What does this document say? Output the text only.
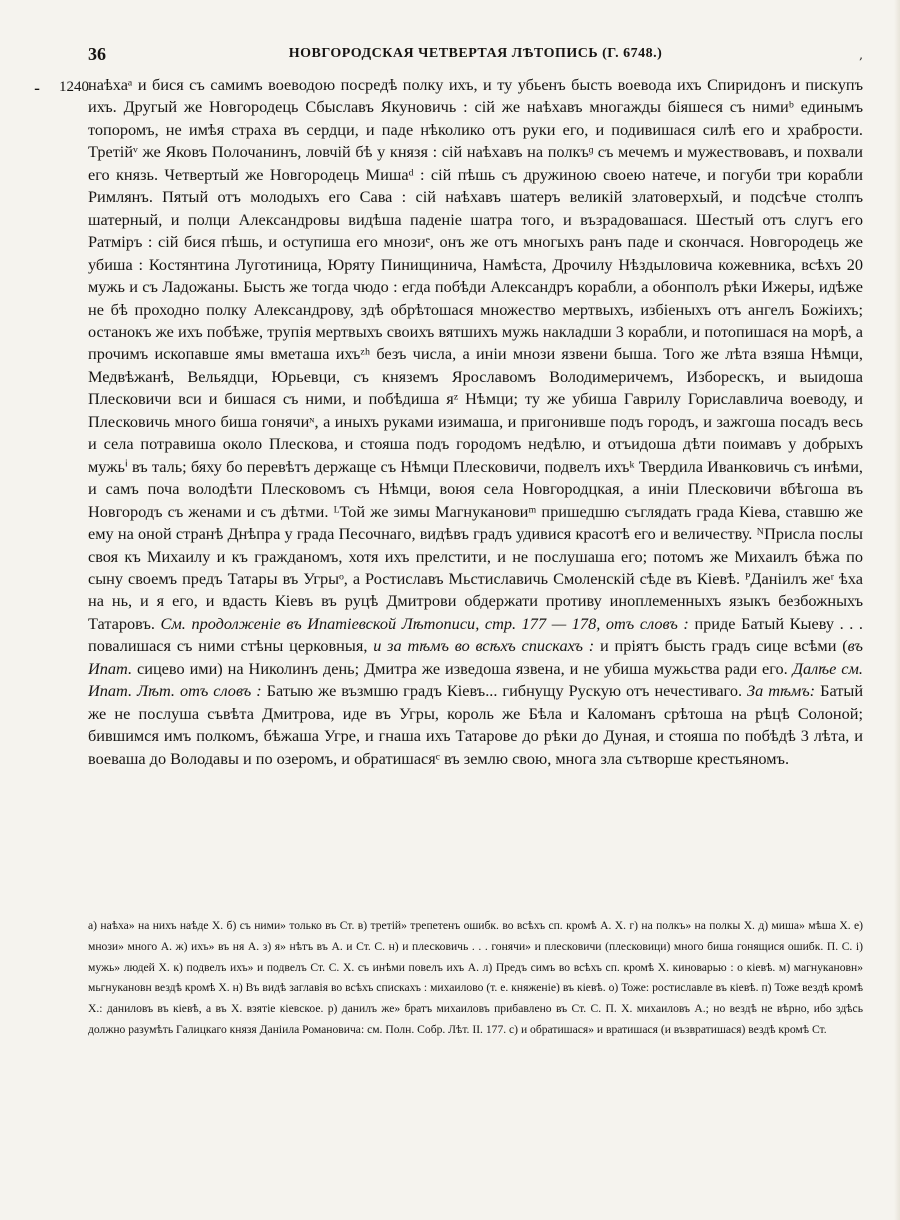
36	НОВГОРОДСКАЯ ЧЕТВЕРТАЯ ЛѢТОПИСЬ (Г. 6748.)	,
- 1240 наѣхаᵃ и бися съ самимъ воеводою посредѣ полку ихъ, и ту убьенъ бысть воевода ихъ Спиридонъ и пискупъ ихъ. Другый же Новгородець Сбыславъ Якуновичь : сій же наѣхавъ многажды біяшеся съ нимиᵇ единымъ топоромъ, не имѣя страха въ сердци, и паде нѣколико отъ руки его, и подивишася силѣ его и храбрости. Третійᵛ же Яковъ Полочанинъ, ловчій бѣ у князя : сій наѣхавъ на полкъᶢ съ мечемъ и мужествовавъ, и похвали его князь. Четвертый же Новгородець Мишаᵈ : сій пѣшь съ дружиною своею натече, и погуби три корабли Римлянъ. Пятый отъ молодыхъ его Сава : сій наѣхавъ шатеръ великій златоверхый, и подсѣче столпъ шатерный, и полци Александровы видѣша паденіе шатра того, и възрадовашася. Шестый отъ слугъ его Ратміръ : сій бися пѣшь, и оступиша его мнозиᵉ, онъ же отъ многыхъ ранъ паде и скончася. Новгородець же убиша : Костянтина Луготиница, Юряту Пинищинича, Намѣста, Дрочилу Нѣздыловича кожевника, всѣхъ 20 мужь и съ Ладожаны. Бысть же тогда чюдо : егда побѣди Александръ корабли, а обонполъ рѣки Ижеры, идѣже не бѣ проходно полку Александрову, здѣ обрѣтошася множество мертвыхъ, избіеныхъ отъ ангелъ Божіихъ; останокъ же ихъ побѣже, трупія мертвыхъ своихъ вятшихъ мужь накладши 3 корабли, и потопишася на морѣ, а прочимъ ископавше ямы вметаша ихъᶻʰ безъ числа, а иніи мнози язвени быша. Того же лѣта взяша Нѣмци, Медвѣжанѣ, Вельядци, Юрьевци, съ княземъ Ярославомъ Володимеричемъ, Изборескъ, и выидоша Плесковичи вси и бишася съ ними, и побѣдиша яᶻ Нѣмци; ту же убиша Гаврилу Гориславлича воеводу, и Плесковичь много биша гонячиᶰ, а иныхъ руками изимаша, и пригонивше подъ городъ, и зажгоша посадъ весь и села потравиша около Плескова, и стояша подъ городомъ недѣлю, и отъидоша дѣти поимавъ у добрыхъ мужьⁱ въ таль; бяху бо перевѣтъ держаще съ Нѣмци Плесковичи, подвелъ ихъᵏ Твердила Иванковичь съ инѣми, и самъ поча володѣти Плесковомъ съ Нѣмци, воюя села Новгородцкая, а иніи Плесковичи вбѣгоша въ Новгородъ съ женами и съ дѣтми. ᴸТой же зимы Магнукановиᵐ пришедшю съглядать града Кіева, ставшю же ему на оной странѣ Днѣпра у града Песочнаго, видѣвъ градъ удивися красотѣ его и величеству. ᴺПрисла послы своя къ Михаилу и къ гражданомъ, хотя ихъ прелстити, и не послушаша его; потомъ же Михаилъ бѣжа по сыну своемъ предъ Татары въ Угрыᵒ, а Ростиславъ Мьстиславичь Смоленскій сѣде въ Кіевѣ. ᴾДаніилъ жеʳ ѣха на нь, и я его, и вдасть Кіевъ въ руцѣ Дмитрови обдержати противу иноплеменныхъ языкъ безбожныхъ Татаровъ. См. продолженіе въ Ипатіевской Лѣтописи, стр. 177 — 178, отъ словъ : приде Батый Кыеву . . . повалишася съ ними стѣны церковныя, и за тѣмъ во всѣхъ спискахъ : и пріятъ бысть градъ сице всѣми (въ Ипат. сицево ими) на Николинъ день; Дмитра же изведоша язвена, и не убиша мужьства ради его. Далѣе см. Ипат. Лѣт. отъ словъ : Батыю же възмшю градъ Кіевъ... гибнущу Рускую отъ нечестиваго. За тѣмъ: Батый же не послуша съвѣта Дмитрова, иде въ Угры, король же Бѣла и Каломанъ срѣтоша на рѣцѣ Солоной; бившимся имъ полкомъ, бѣжаша Угре, и гнаша ихъ Татарове до рѣки до Дуная, и стояша по побѣдѣ 3 лѣта, и воеваша до Володавы и по озеромъ, и обратишасяᶜ въ землю свою, многа зла сътворше крестьяномъ.

а) наѣха» на нихъ наѣде Х. б) съ ними» только въ Ст. в) третій» трепетенъ ошибк. во всѣхъ сп. кромѣ А. Х. г) на полкъ» на полкы Х. д) миша» мѣша Х. е) мнози» много А. ж) ихъ» въ ня А. з) я» нѣтъ въ А. и Ст. С. н) и плесковичь . . . гонячи» и плесковичи (плесковици) много биша гонящися ошибк. П. С. і) мужь» людей Х. к) подвелъ ихъ» и подвелъ Ст. С. Х. съ инѣми повелъ ихъ А. л) Предъ симъ во всѣхъ сп. кромѣ Х. киноварью : о кіевѣ. м) магнукановн» мьгнукановн вездѣ кромѣ Х. н) Въ видѣ заглавія во всѣхъ спискахъ : михаилово (т. е. княженіе) въ кіевѣ. о) Тоже: ростиславле въ кіевѣ. п) Тоже вездѣ кромѣ Х.: даниловъ въ кіевѣ, а въ Х. взятіе кіевское. р) данилъ же» братъ михаиловъ прибавлено въ Ст. С. П. Х. михаиловъ А.; но вездѣ не вѣрно, ибо здѣсь должно разумѣть Галицкаго князя Даніила Романовича: см. Полн. Собр. Лѣт. II. 177. с) и обратишася» и вратишася (и възвратишася) вездѣ кромѣ Ст.
